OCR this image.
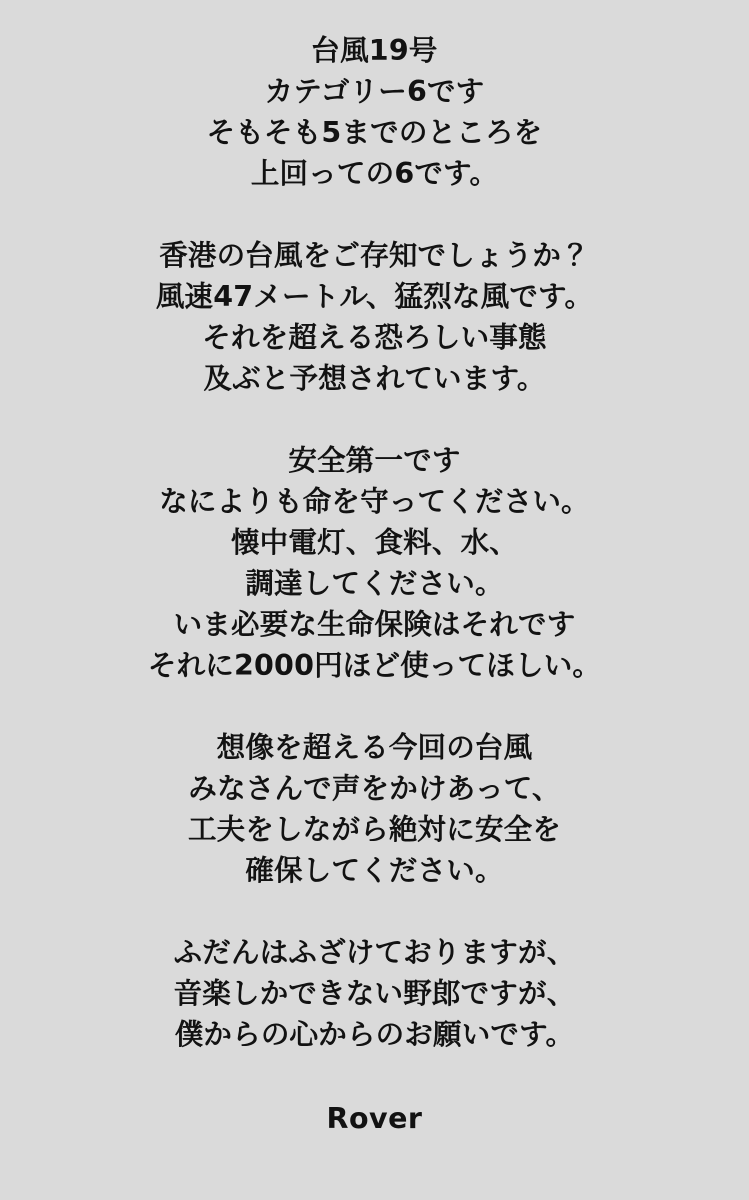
台風19号
カテゴリー6です
そもそも5までのところを
上回っての6です。

香港の台風をご存知でしょうか？
風速47メートル、猛烈な風です。
それを超える恐ろしい事態
及ぶと予想されています。

安全第一です
なによりも命を守ってください。
懐中電灯、食料、水、
調達してください。
いま必要な生命保険はそれです
それに2000円ほど使ってほしい。

想像を超える今回の台風
みなさんで声をかけあって、
工夫をしながら絶対に安全を
確保してください。

ふだんはふざけておりますが、
音楽しかできない野郎ですが、
僕からの心からのお願いです。

Rover
